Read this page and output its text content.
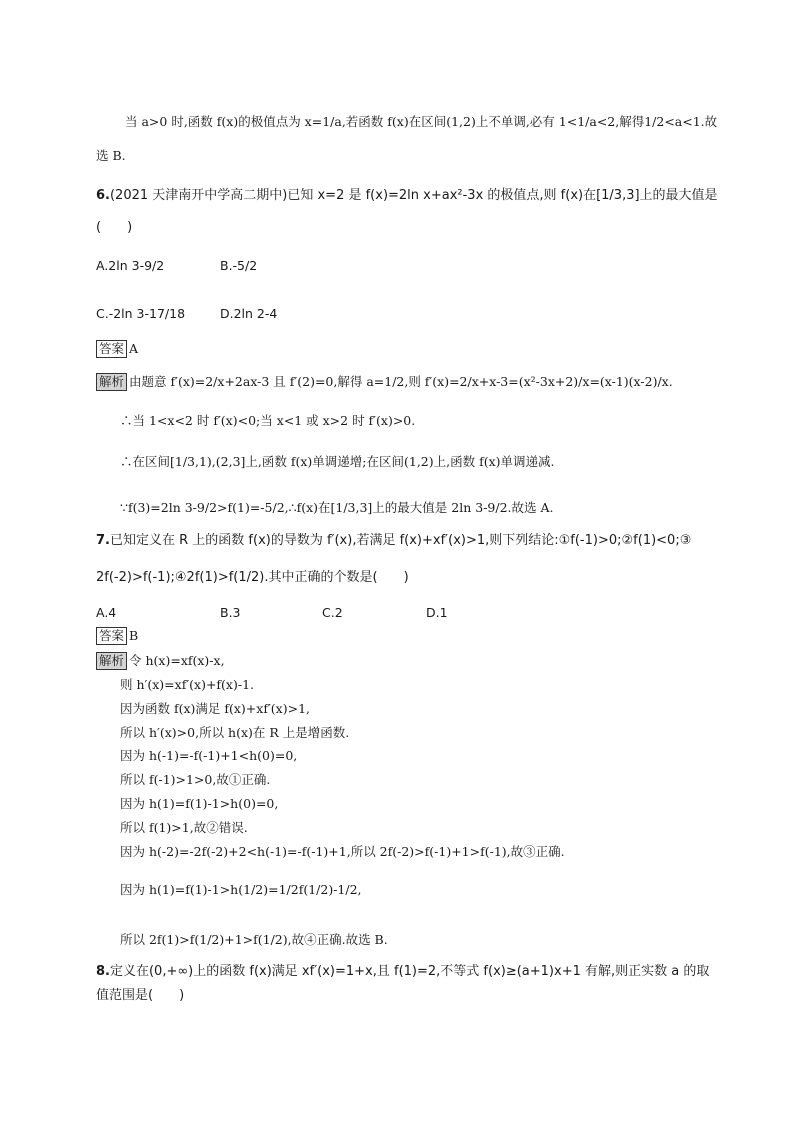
当 a>0 时,函数 f(x)的极值点为 x=1/a,若函数 f(x)在区间(1,2)上不单调,必有 1<1/a<2,解得1/2<a<1.故
选 B.
6.(2021 天津南开中学高二期中)已知 x=2 是 f(x)=2ln x+ax²-3x 的极值点,则 f(x)在[1/3,3]上的最大值是
(　　)
A.2ln 3-9/2	B.-5/2
C.-2ln 3-17/18	D.2ln 2-4
答案 A
解析 由题意 f′(x)=2/x+2ax-3 且 f′(2)=0,解得 a=1/2,则 f′(x)=2/x+x-3=(x²-3x+2)/x=(x-1)(x-2)/x.
∴当 1<x<2 时 f′(x)<0;当 x<1 或 x>2 时 f′(x)>0.
∴在区间[1/3,1),(2,3]上,函数 f(x)单调递增;在区间(1,2)上,函数 f(x)单调递减.
∵f(3)=2ln 3-9/2>f(1)=-5/2,∴f(x)在[1/3,3]上的最大值是 2ln 3-9/2.故选 A.
7.已知定义在 R 上的函数 f(x)的导数为 f′(x),若满足 f(x)+xf′(x)>1,则下列结论:①f(-1)>0;②f(1)<0;③
2f(-2)>f(-1);④2f(1)>f(1/2).其中正确的个数是(　　)
A.4	B.3	C.2	D.1
答案 B
解析 令 h(x)=xf(x)-x,
则 h′(x)=xf′(x)+f(x)-1.
因为函数 f(x)满足 f(x)+xf′(x)>1,
所以 h′(x)>0,所以 h(x)在 R 上是增函数.
因为 h(-1)=-f(-1)+1<h(0)=0,
所以 f(-1)>1>0,故①正确.
因为 h(1)=f(1)-1>h(0)=0,
所以 f(1)>1,故②错误.
因为 h(-2)=-2f(-2)+2<h(-1)=-f(-1)+1,所以 2f(-2)>f(-1)+1>f(-1),故③正确.
因为 h(1)=f(1)-1>h(1/2)=1/2f(1/2)-1/2,
所以 2f(1)>f(1/2)+1>f(1/2),故④正确.故选 B.
8.定义在(0,+∞)上的函数 f(x)满足 xf′(x)=1+x,且 f(1)=2,不等式 f(x)≥(a+1)x+1 有解,则正实数 a 的取
值范围是(　　)
